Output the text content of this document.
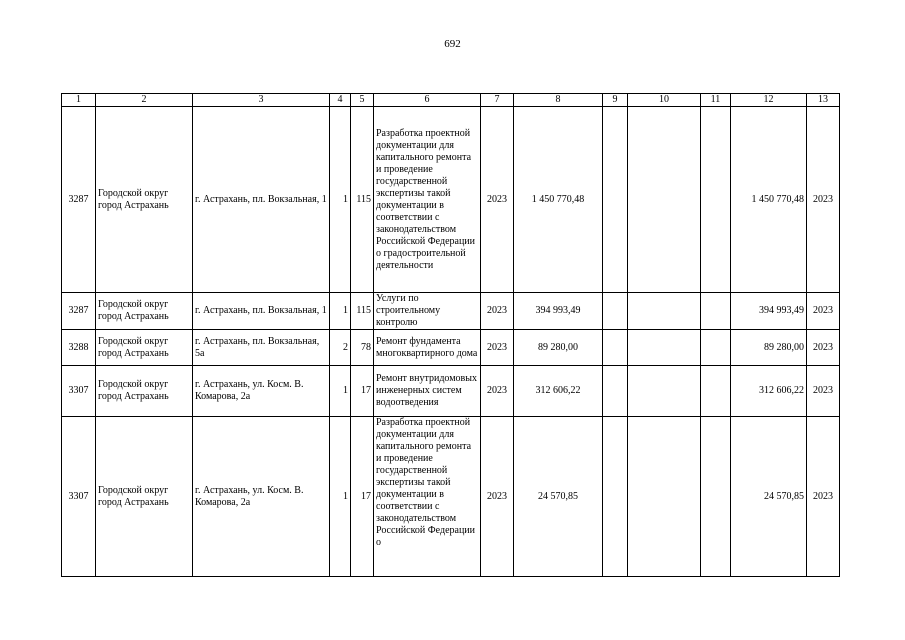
692
1	2	3	4	5	6	7	8	9	10	11	12	13
3287	Городской округ город Астрахань	г. Астрахань, пл. Вокзальная, 1	1	115	Разработка проектной документации для капитального ремонта и проведение государственной экспертизы такой документации в соответствии с законодательством Российской Федерации о градостроительной деятельности	2023	1 450 770,48				1 450 770,48	2023
3287	Городской округ город Астрахань	г. Астрахань, пл. Вокзальная, 1	1	115	Услуги по строительному контролю	2023	394 993,49				394 993,49	2023
3288	Городской округ город Астрахань	г. Астрахань, пл. Вокзальная, 5а	2	78	Ремонт фундамента многоквартирного дома	2023	89 280,00				89 280,00	2023
3307	Городской округ город Астрахань	г. Астрахань, ул. Косм. В. Комарова, 2а	1	17	Ремонт внутридомовых инженерных систем водоотведения	2023	312 606,22				312 606,22	2023
3307	Городской округ город Астрахань	г. Астрахань, ул. Косм. В. Комарова, 2а	1	17	Разработка проектной документации для капитального ремонта и проведение государственной экспертизы такой документации в соответствии с законодательством Российской Федерации о	2023	24 570,85				24 570,85	2023
